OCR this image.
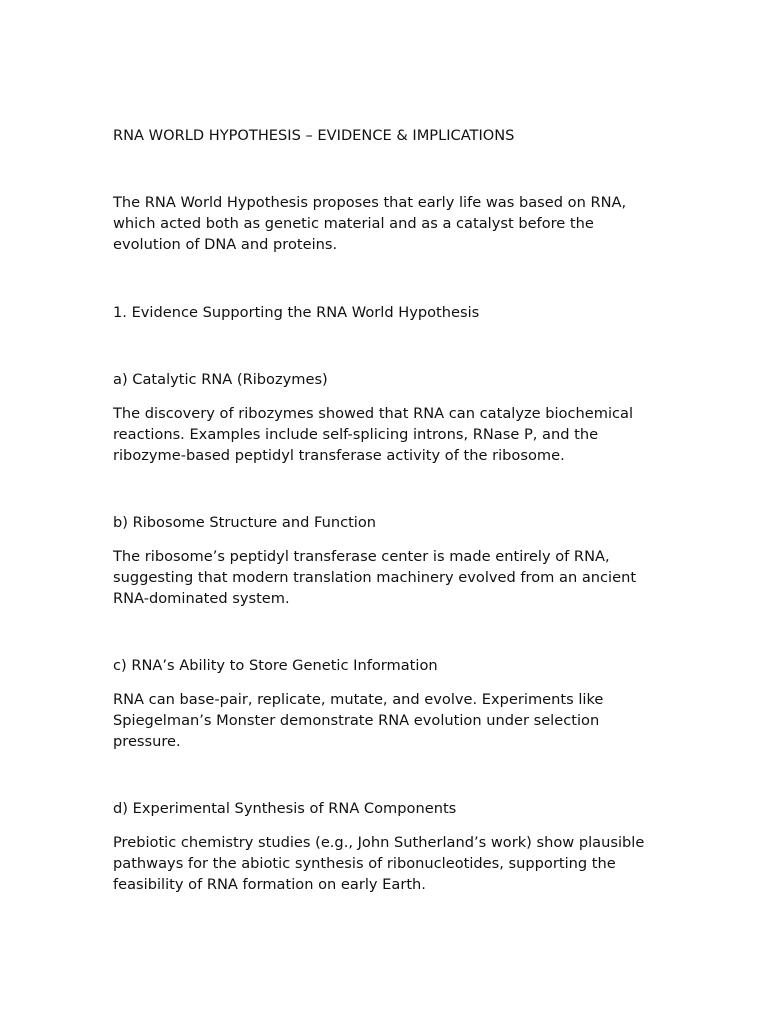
RNA WORLD HYPOTHESIS – EVIDENCE & IMPLICATIONS

The RNA World Hypothesis proposes that early life was based on RNA, which acted both as genetic material and as a catalyst before the evolution of DNA and proteins.

1. Evidence Supporting the RNA World Hypothesis

a) Catalytic RNA (Ribozymes)

The discovery of ribozymes showed that RNA can catalyze biochemical reactions. Examples include self-splicing introns, RNase P, and the ribozyme-based peptidyl transferase activity of the ribosome.

b) Ribosome Structure and Function

The ribosome’s peptidyl transferase center is made entirely of RNA, suggesting that modern translation machinery evolved from an ancient RNA-dominated system.

c) RNA’s Ability to Store Genetic Information

RNA can base-pair, replicate, mutate, and evolve. Experiments like Spiegelman’s Monster demonstrate RNA evolution under selection pressure.

d) Experimental Synthesis of RNA Components

Prebiotic chemistry studies (e.g., John Sutherland’s work) show plausible pathways for the abiotic synthesis of ribonucleotides, supporting the feasibility of RNA formation on early Earth.
